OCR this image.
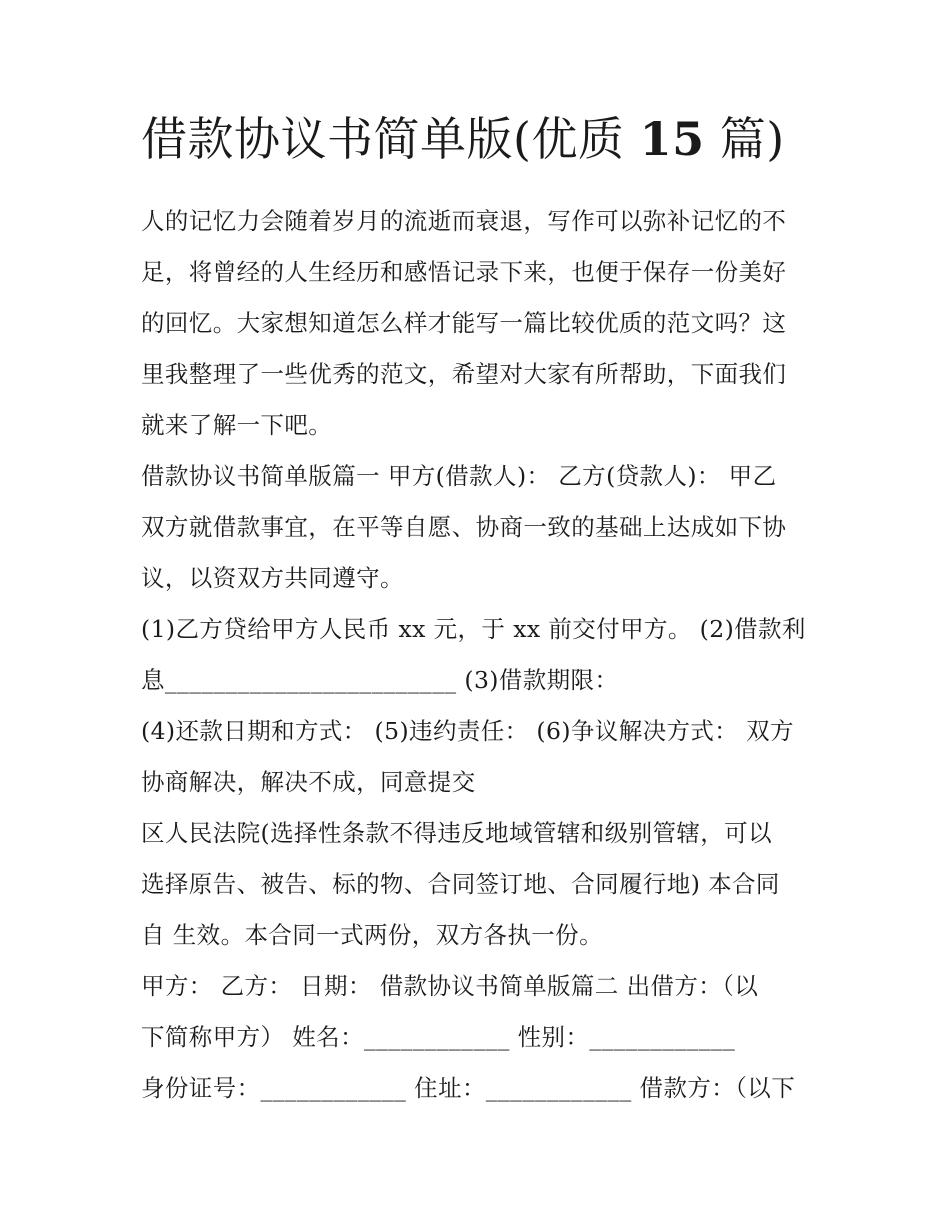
借款协议书简单版(优质 15 篇)

人的记忆力会随着岁月的流逝而衰退，写作可以弥补记忆的不

足，将曾经的人生经历和感悟记录下来，也便于保存一份美好

的回忆。大家想知道怎么样才能写一篇比较优质的范文吗？这

里我整理了一些优秀的范文，希望对大家有所帮助，下面我们

就来了解一下吧。

借款协议书简单版篇一 甲方(借款人)： 乙方(贷款人)： 甲乙

双方就借款事宜，在平等自愿、协商一致的基础上达成如下协

议，以资双方共同遵守。

(1)乙方贷给甲方人民币 xx 元，于 xx 前交付甲方。 (2)借款利

息________________________ (3)借款期限：

(4)还款日期和方式： (5)违约责任： (6)争议解决方式： 双方

协商解决，解决不成，同意提交

区人民法院(选择性条款不得违反地域管辖和级别管辖，可以

选择原告、被告、标的物、合同签订地、合同履行地) 本合同

自 生效。本合同一式两份，双方各执一份。

甲方： 乙方： 日期： 借款协议书简单版篇二 出借方：（以

下简称甲方） 姓名：____________ 性别：____________

身份证号：____________ 住址：____________ 借款方：（以下
